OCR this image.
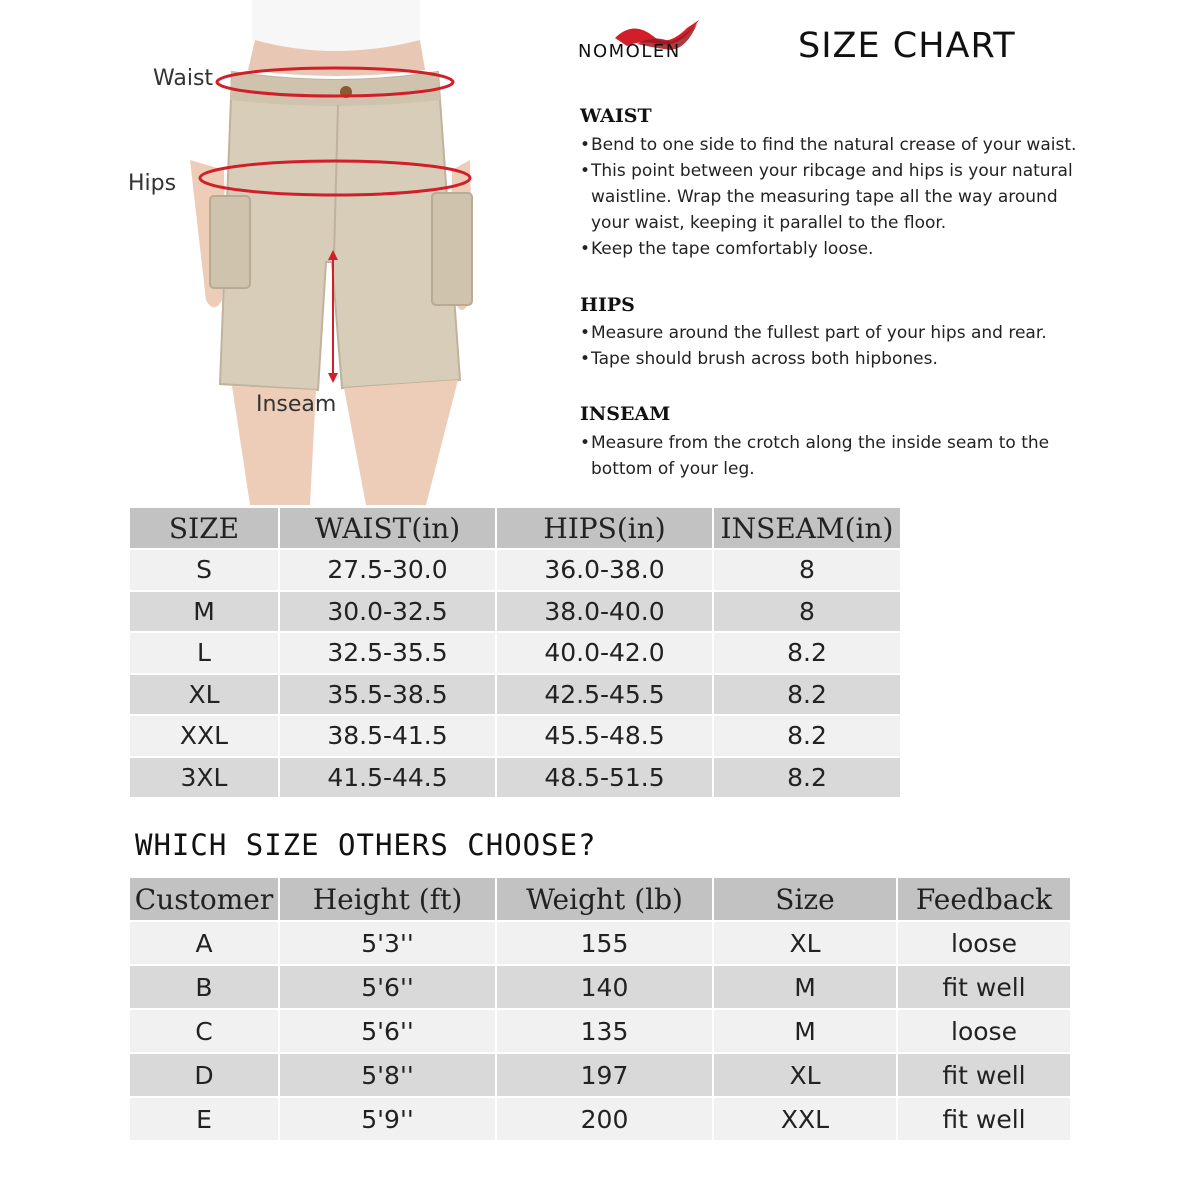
Waist
Hips
Inseam
NOMOLEN	SIZE CHART
WAIST
• Bend to one side to find the natural crease of your waist.
• This point between your ribcage and hips is your natural waistline. Wrap the measuring tape all the way around your waist, keeping it parallel to the floor.
• Keep the tape comfortably loose.
HIPS
• Measure around the fullest part of your hips and rear.
• Tape should brush across both hipbones.
INSEAM
• Measure from the crotch along the inside seam to the bottom of your leg.
SIZE	WAIST(in)	HIPS(in)	INSEAM(in)
S	27.5-30.0	36.0-38.0	8
M	30.0-32.5	38.0-40.0	8
L	32.5-35.5	40.0-42.0	8.2
XL	35.5-38.5	42.5-45.5	8.2
XXL	38.5-41.5	45.5-48.5	8.2
3XL	41.5-44.5	48.5-51.5	8.2
WHICH SIZE OTHERS CHOOSE?
Customer	Height (ft)	Weight (lb)	Size	Feedback
A	5'3''	155	XL	loose
B	5'6''	140	M	fit well
C	5'6''	135	M	loose
D	5'8''	197	XL	fit well
E	5'9''	200	XXL	fit well
